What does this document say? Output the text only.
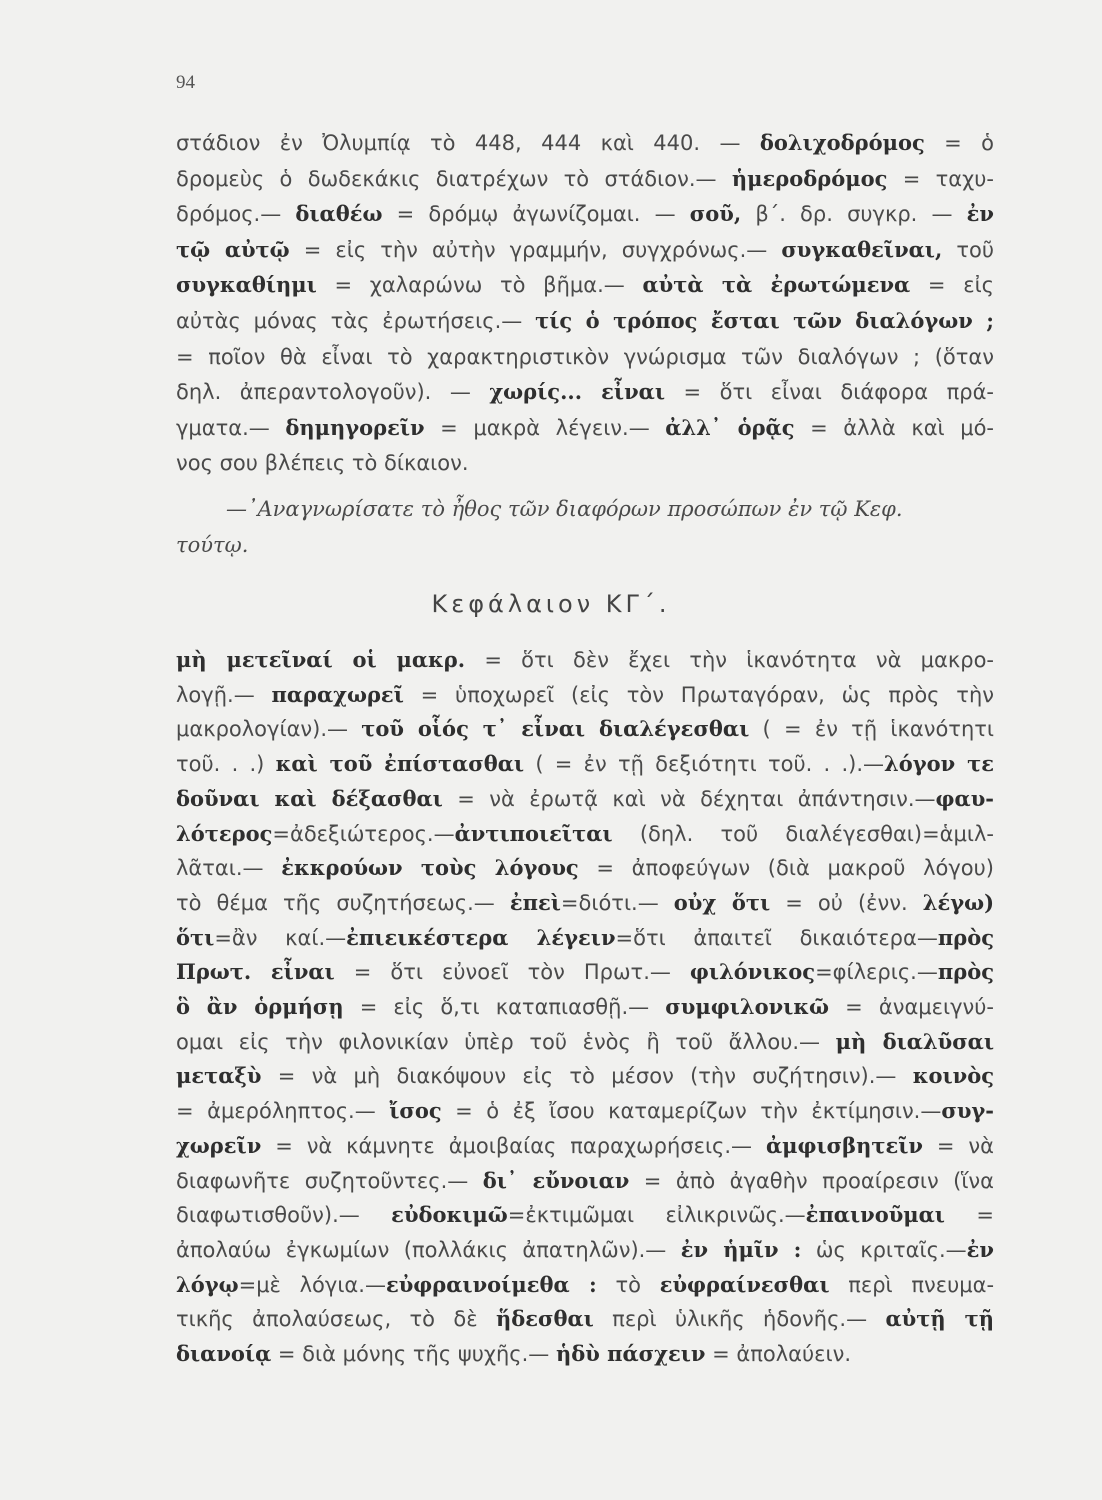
94
στάδιον ἐν Ὀλυμπίᾳ τὸ 448, 444 καὶ 440. — δολιχοδρόμος = ὁ
δρομεὺς ὁ δωδεκάκις διατρέχων τὸ στάδιον.— ἡμεροδρόμος = ταχυ-
δρόμος.— διαθέω = δρόμῳ ἀγωνίζομαι. — σοῦ, β΄. δρ. συγκρ. — ἐν
τῷ αὐτῷ = εἰς τὴν αὐτὴν γραμμήν, συγχρόνως.— συγκαθεῖναι, τοῦ
συγκαθίημι = χαλαρώνω τὸ βῆμα.— αὐτὰ τὰ ἐρωτώμενα = εἰς
αὐτὰς μόνας τὰς ἐρωτήσεις.— τίς ὁ τρόπος ἔσται τῶν διαλόγων ;
= ποῖον θὰ εἶναι τὸ χαρακτηριστικὸν γνώρισμα τῶν διαλόγων ; (ὅταν
δηλ. ἀπεραντολογοῦν). — χωρίς... εἶναι = ὅτι εἶναι διάφορα πρά-
γματα.— δημηγορεῖν = μακρὰ λέγειν.— ἀλλ᾽ ὁρᾷς = ἀλλὰ καὶ μό-
νος σου βλέπεις τὸ δίκαιον.
—᾽Αναγνωρίσατε τὸ ἦθος τῶν διαφόρων προσώπων ἐν τῷ Κεφ.
τούτῳ.
Κεφάλαιον ΚΓ΄.
μὴ μετεῖναί οἱ μακρ. = ὅτι δὲν ἔχει τὴν ἱκανότητα νὰ μακρο-
λογῇ.— παραχωρεῖ = ὑποχωρεῖ (εἰς τὸν Πρωταγόραν, ὡς πρὸς τὴν
μακρολογίαν).— τοῦ οἷός τ᾽ εἶναι διαλέγεσθαι ( = ἐν τῇ ἱκανότητι
τοῦ. . .) καὶ τοῦ ἐπίστασθαι ( = ἐν τῇ δεξιότητι τοῦ. . .).—λόγον τε
δοῦναι καὶ δέξασθαι = νὰ ἐρωτᾷ καὶ νὰ δέχηται ἀπάντησιν.—φαυ-
λότερος=ἀδεξιώτερος.—ἀντιποιεῖται (δηλ. τοῦ διαλέγεσθαι)=ἁμιλ-
λᾶται.— ἐκκρούων τοὺς λόγους = ἀποφεύγων (διὰ μακροῦ λόγου)
τὸ θέμα τῆς συζητήσεως.— ἐπεὶ=διότι.— οὐχ ὅτι = οὐ (ἐνν. λέγω)
ὅτι=ἂν καί.—ἐπιεικέστερα λέγειν=ὅτι ἀπαιτεῖ δικαιότερα—πρὸς
Πρωτ. εἶναι = ὅτι εὐνοεῖ τὸν Πρωτ.— φιλόνικος=φίλερις.—πρὸς
ὃ ἂν ὁρμήσῃ = εἰς ὅ,τι καταπιασθῇ.— συμφιλονικῶ = ἀναμειγνύ-
ομαι εἰς τὴν φιλονικίαν ὑπὲρ τοῦ ἑνὸς ἢ τοῦ ἄλλου.— μὴ διαλῦσαι
μεταξὺ = νὰ μὴ διακόψουν εἰς τὸ μέσον (τὴν συζήτησιν).— κοινὸς
= ἀμερόληπτος.— ἴσος = ὁ ἐξ ἴσου καταμερίζων τὴν ἐκτίμησιν.—συγ-
χωρεῖν = νὰ κάμνητε ἀμοιβαίας παραχωρήσεις.— ἀμφισβητεῖν = νὰ
διαφωνῆτε συζητοῦντες.— δι᾽ εὔνοιαν = ἀπὸ ἀγαθὴν προαίρεσιν (ἵνα
διαφωτισθοῦν).— εὐδοκιμῶ=ἐκτιμῶμαι εἰλικρινῶς.—ἐπαινοῦμαι =
ἀπολαύω ἐγκωμίων (πολλάκις ἀπατηλῶν).— ἐν ἡμῖν : ὡς κριταῖς.—ἐν
λόγῳ=μὲ λόγια.—εὐφραινοίμεθα : τὸ εὐφραίνεσθαι περὶ πνευμα-
τικῆς ἀπολαύσεως, τὸ δὲ ἥδεσθαι περὶ ὑλικῆς ἡδονῆς.— αὐτῇ τῇ
διανοίᾳ = διὰ μόνης τῆς ψυχῆς.— ἡδὺ πάσχειν = ἀπολαύειν.
